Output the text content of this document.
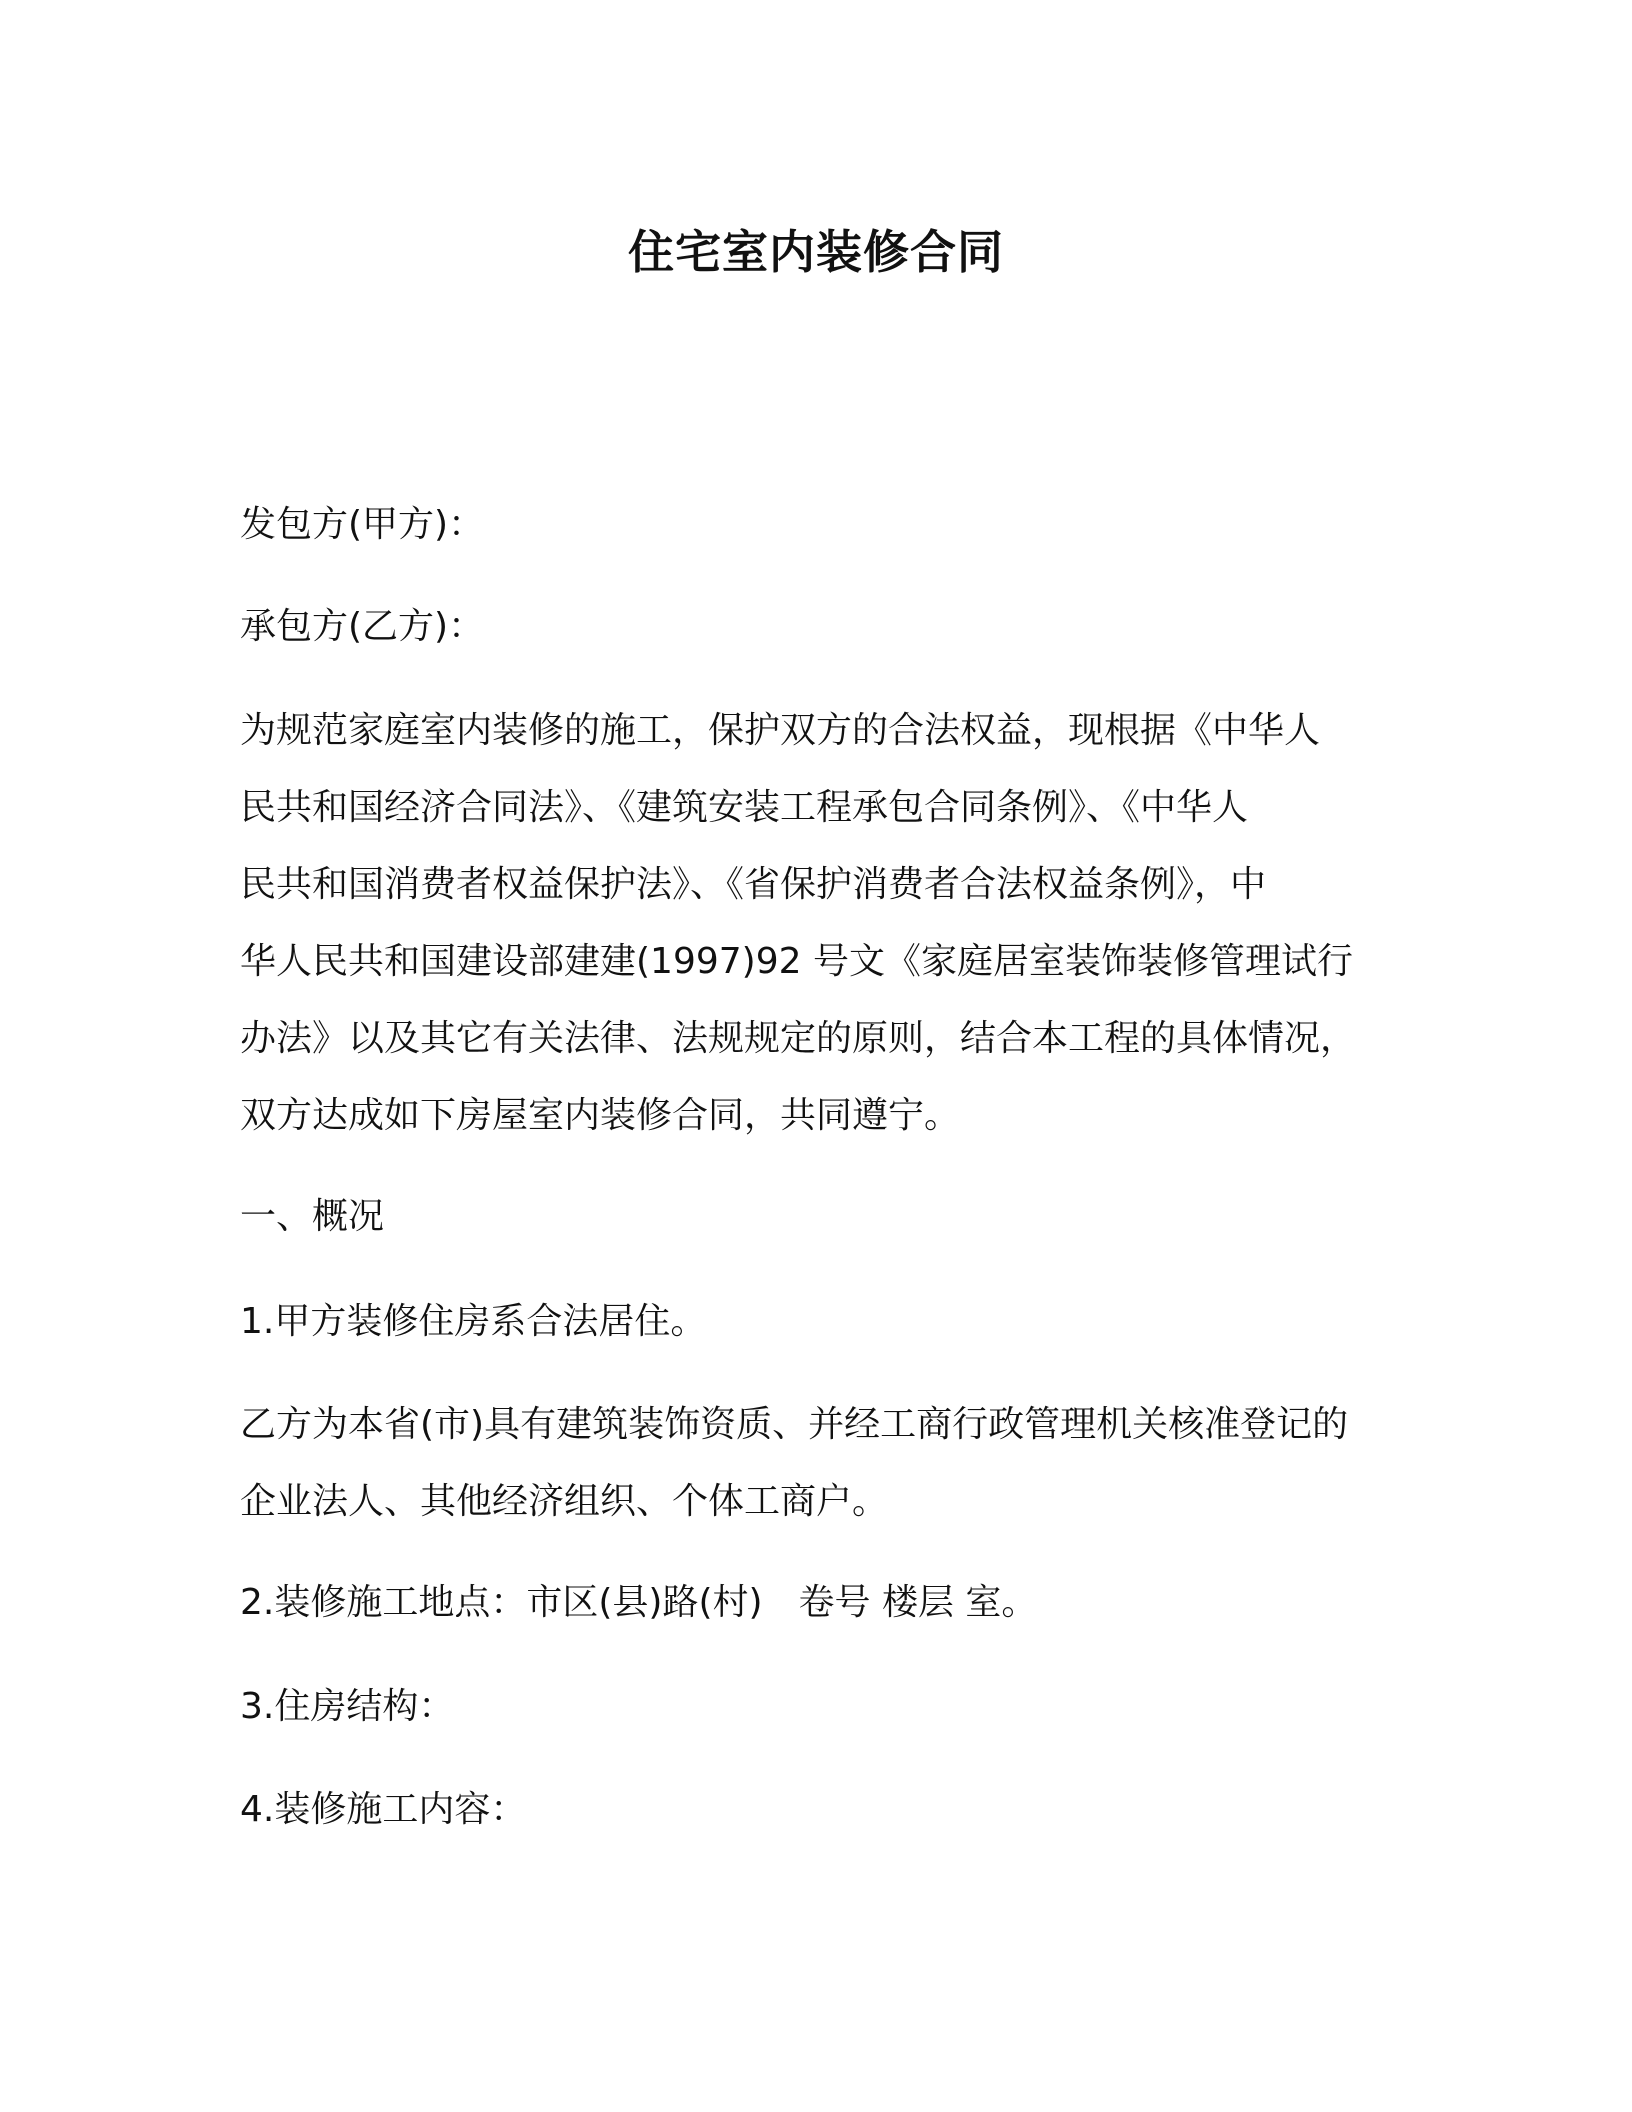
住宅室内装修合同
发包方(甲方)：
承包方(乙方)：
为规范家庭室内装修的施工，保护双方的合法权益，现根据《中华人
民共和国经济合同法》、《建筑安装工程承包合同条例》、《中华人
民共和国消费者权益保护法》、《省保护消费者合法权益条例》，中
华人民共和国建设部建建(1997)92 号文《家庭居室装饰装修管理试行
办法》以及其它有关法律、法规规定的原则，结合本工程的具体情况，
双方达成如下房屋室内装修合同，共同遵宁。
一、概况
1.甲方装修住房系合法居住。
乙方为本省(市)具有建筑装饰资质、并经工商行政管理机关核准登记的
企业法人、其他经济组织、个体工商户。
2.装修施工地点：市区(县)路(村)　卷号 楼层 室。
3.住房结构：
4.装修施工内容：
